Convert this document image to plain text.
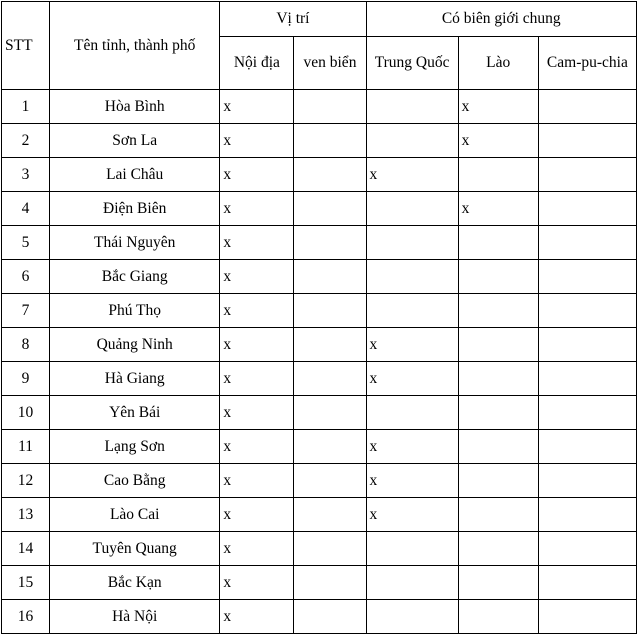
STT	Tên tỉnh, thành phố	Vị trí		Có biên giới chung		
		Nội địa	ven biển	Trung Quốc	Lào	Cam-pu-chia
1	Hòa Bình	x			x	
2	Sơn La	x			x	
3	Lai Châu	x		x		
4	Điện Biên	x			x	
5	Thái Nguyên	x				
6	Bắc Giang	x				
7	Phú Thọ	x				
8	Quảng Ninh	x		x		
9	Hà Giang	x		x		
10	Yên Bái	x				
11	Lạng Sơn	x		x		
12	Cao Bằng	x		x		
13	Lào Cai	x		x		
14	Tuyên Quang	x				
15	Bắc Kạn	x				
16	Hà Nội	x				
